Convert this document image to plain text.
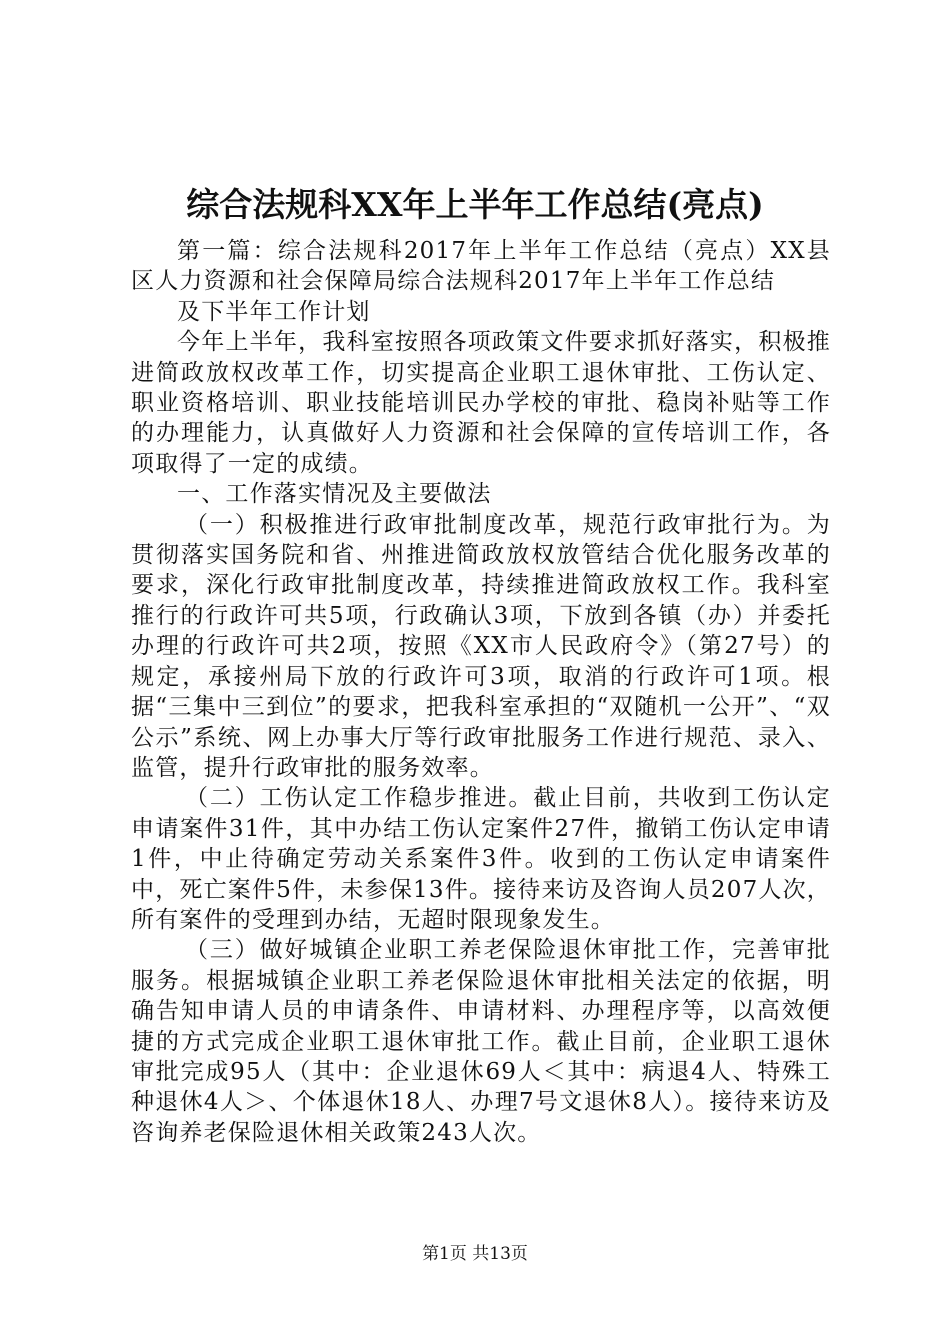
综合法规科XX年上半年工作总结(亮点)

第一篇：综合法规科2017年上半年工作总结（亮点）XX县区人力资源和社会保障局综合法规科2017年上半年工作总结

及下半年工作计划

今年上半年，我科室按照各项政策文件要求抓好落实，积极推进简政放权改革工作，切实提高企业职工退休审批、工伤认定、职业资格培训、职业技能培训民办学校的审批、稳岗补贴等工作的办理能力，认真做好人力资源和社会保障的宣传培训工作，各项取得了一定的成绩。

一、工作落实情况及主要做法

（一）积极推进行政审批制度改革，规范行政审批行为。为贯彻落实国务院和省、州推进简政放权放管结合优化服务改革的要求，深化行政审批制度改革，持续推进简政放权工作。我科室推行的行政许可共5项，行政确认3项，下放到各镇（办）并委托办理的行政许可共2项，按照《XX市人民政府令》（第27号）的规定，承接州局下放的行政许可3项，取消的行政许可1项。根据“三集中三到位”的要求，把我科室承担的“双随机一公开”、“双公示”系统、网上办事大厅等行政审批服务工作进行规范、录入、监管，提升行政审批的服务效率。

（二）工伤认定工作稳步推进。截止目前，共收到工伤认定申请案件31件，其中办结工伤认定案件27件，撤销工伤认定申请1件，中止待确定劳动关系案件3件。收到的工伤认定申请案件中，死亡案件5件，未参保13件。接待来访及咨询人员207人次，所有案件的受理到办结，无超时限现象发生。

（三）做好城镇企业职工养老保险退休审批工作，完善审批服务。根据城镇企业职工养老保险退休审批相关法定的依据，明确告知申请人员的申请条件、申请材料、办理程序等，以高效便捷的方式完成企业职工退休审批工作。截止目前，企业职工退休审批完成95人（其中：企业退休69人＜其中：病退4人、特殊工种退休4人＞、个体退休18人、办理7号文退休8人）。接待来访及咨询养老保险退休相关政策243人次。

第1页 共13页
